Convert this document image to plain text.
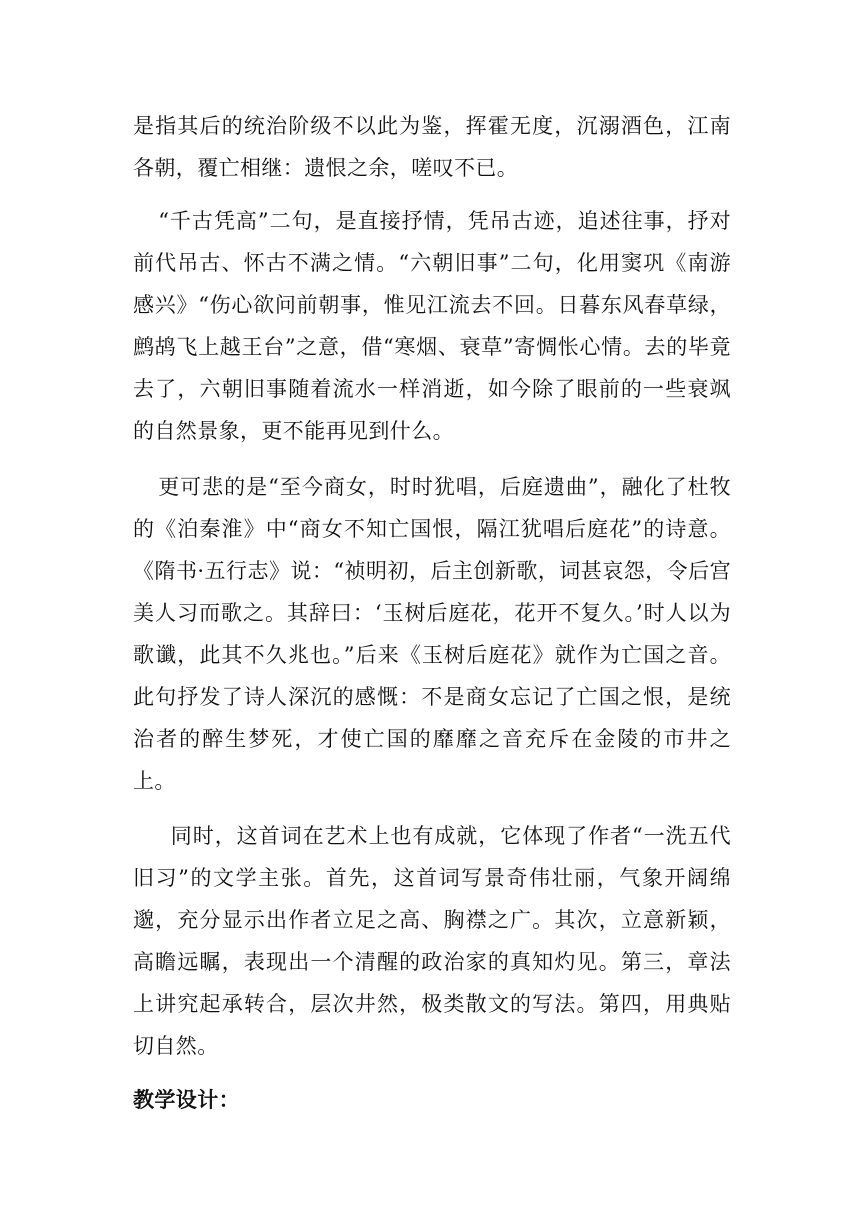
是指其后的统治阶级不以此为鉴，挥霍无度，沉溺酒色，江南各朝，覆亡相继：遗恨之余，嗟叹不已。

“千古凭高”二句，是直接抒情，凭吊古迹，追述往事，抒对前代吊古、怀古不满之情。“六朝旧事”二句，化用窦巩《南游感兴》“伤心欲问前朝事，惟见江流去不回。日暮东风春草绿，鹧鸪飞上越王台”之意，借“寒烟、衰草”寄惆怅心情。去的毕竟去了，六朝旧事随着流水一样消逝，如今除了眼前的一些衰飒的自然景象，更不能再见到什么。

更可悲的是“至今商女，时时犹唱，后庭遗曲”，融化了杜牧的《泊秦淮》中“商女不知亡国恨，隔江犹唱后庭花”的诗意。《隋书·五行志》说：“祯明初，后主创新歌，词甚哀怨，令后宫美人习而歌之。其辞曰：‘玉树后庭花，花开不复久。’时人以为歌谶，此其不久兆也。”后来《玉树后庭花》就作为亡国之音。此句抒发了诗人深沉的感慨：不是商女忘记了亡国之恨，是统治者的醉生梦死，才使亡国的靡靡之音充斥在金陵的市井之上。

同时，这首词在艺术上也有成就，它体现了作者“一洗五代旧习”的文学主张。首先，这首词写景奇伟壮丽，气象开阔绵邈，充分显示出作者立足之高、胸襟之广。其次，立意新颖，高瞻远瞩，表现出一个清醒的政治家的真知灼见。第三，章法上讲究起承转合，层次井然，极类散文的写法。第四，用典贴切自然。

教学设计：
